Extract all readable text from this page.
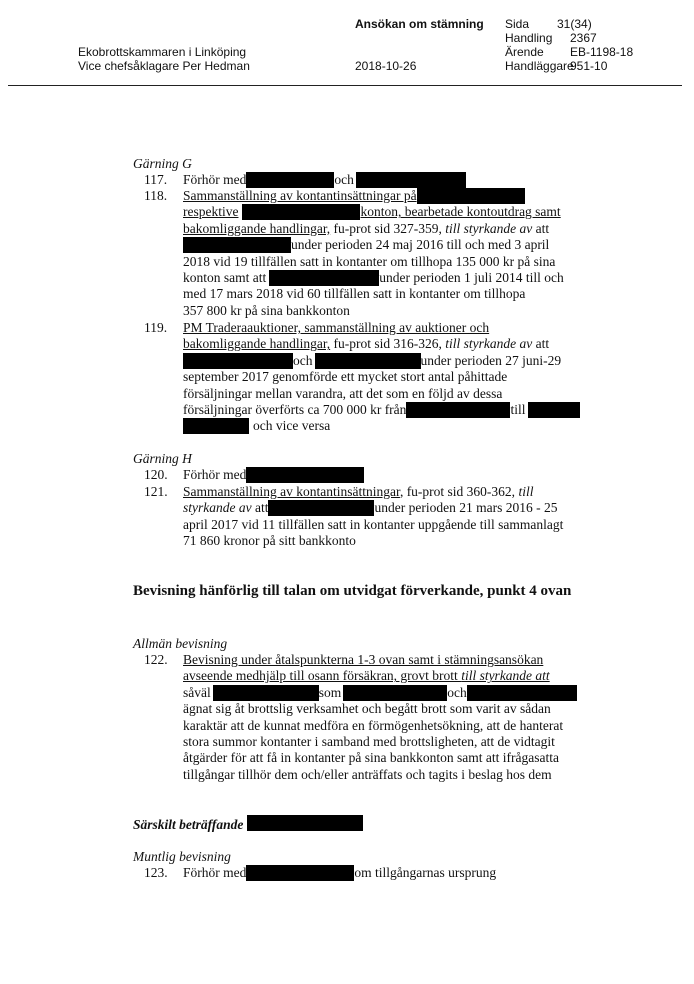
Ansökan om stämning Sida 31(34)
Handling 2367
Ekobrottskammaren i Linköping	Ärende EB-1198-18
Vice chefsåklagare Per Hedman	2018-10-26	Handläggare
951-10
Gärning G
117. Förhör med	och
118. Sammanställning av kontantinsättningar på
respektive	konton, bearbetade kontoutdrag samt
bakomliggande handlingar, fu-prot sid 327-359, till styrkande av att
under perioden 24 maj 2016 till och med 3 april
2018 vid 19 tillfällen satt in kontanter om tillhopa 135 000 kr på sina
konton samt att	under perioden 1 juli 2014 till och
med 17 mars 2018 vid 60 tillfällen satt in kontanter om tillhopa
357 800 kr på sina bankkonton
119. PM Traderaauktioner, sammanställning av auktioner och
bakomliggande handlingar, fu-prot sid 316-326, till styrkande av att
och	under perioden 27 juni-29
september 2017 genomförde ett mycket stort antal påhittade
försäljningar mellan varandra, att det som en följd av dessa
försäljningar överförts ca 700 000 kr från	till
och vice versa
Gärning H
120. Förhör med
121. Sammanställning av kontantinsättningar, fu-prot sid 360-362, till
styrkande av att	under perioden 21 mars 2016 - 25
april 2017 vid 11 tillfällen satt in kontanter uppgående till sammanlagt
71 860 kronor på sitt bankkonto
Bevisning hänförlig till talan om utvidgat förverkande, punkt 4 ovan
Allmän bevisning
122. Bevisning under åtalspunkterna 1-3 ovan samt i stämningsansökan
avseende medhjälp till osann försäkran, grovt brott till styrkande att
såväl	som	och
ägnat sig åt brottslig verksamhet och begått brott som varit av sådan
karaktär att de kunnat medföra en förmögenhetsökning, att de hanterat
stora summor kontanter i samband med brottsligheten, att de vidtagit
åtgärder för att få in kontanter på sina bankkonton samt att ifrågasatta
tillgångar tillhör dem och/eller anträffats och tagits i beslag hos dem
Särskilt beträffande
Muntlig bevisning
123. Förhör med	om tillgångarnas ursprung
